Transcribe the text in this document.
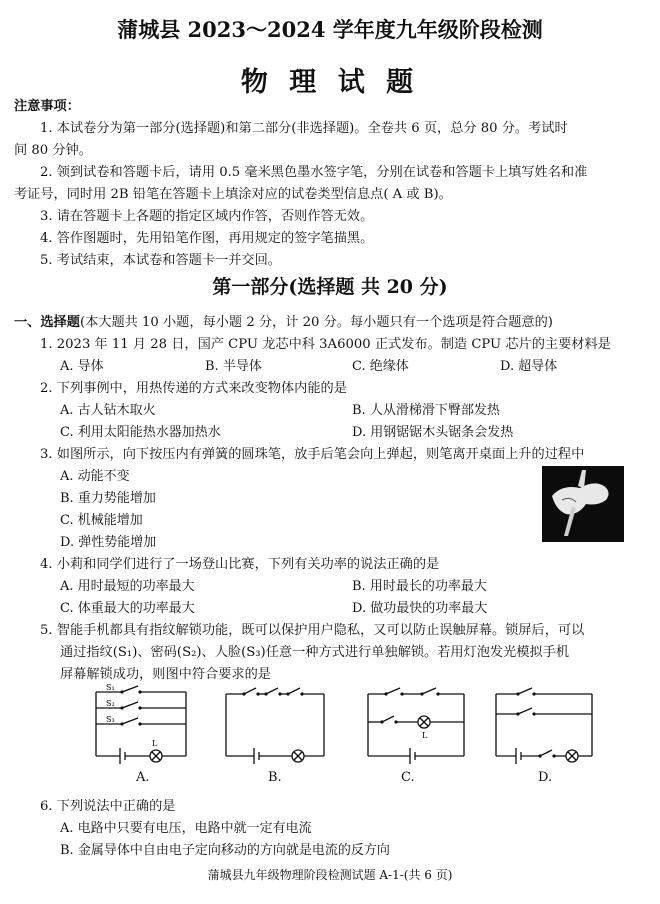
蒲城县 2023～2024 学年度九年级阶段检测
物 理 试 题
注意事项：
1. 本试卷分为第一部分(选择题)和第二部分(非选择题)。全卷共 6 页，总分 80 分。考试时
间 80 分钟。
2. 领到试卷和答题卡后，请用 0.5 毫米黑色墨水签字笔，分别在试卷和答题卡上填写姓名和准
考证号，同时用 2B 铅笔在答题卡上填涂对应的试卷类型信息点( A 或 B)。
3. 请在答题卡上各题的指定区域内作答，否则作答无效。
4. 答作图题时，先用铅笔作图，再用规定的签字笔描黑。
5. 考试结束，本试卷和答题卡一并交回。
第一部分(选择题 共 20 分)
一、选择题(本大题共 10 小题，每小题 2 分，计 20 分。每小题只有一个选项是符合题意的)
1. 2023 年 11 月 28 日，国产 CPU 龙芯中科 3A6000 正式发布。制造 CPU 芯片的主要材料是
A. 导体	B. 半导体	C. 绝缘体	D. 超导体
2. 下列事例中，用热传递的方式来改变物体内能的是
A. 古人钻木取火	B. 人从滑梯滑下臀部发热
C. 利用太阳能热水器加热水	D. 用钢锯锯木头锯条会发热
3. 如图所示，向下按压内有弹簧的圆珠笔，放手后笔会向上弹起，则笔离开桌面上升的过程中
A. 动能不变
B. 重力势能增加
C. 机械能增加
D. 弹性势能增加
4. 小莉和同学们进行了一场登山比赛，下列有关功率的说法正确的是
A. 用时最短的功率最大	B. 用时最长的功率最大
C. 体重最大的功率最大	D. 做功最快的功率最大
5. 智能手机都具有指纹解锁功能，既可以保护用户隐私，又可以防止误触屏幕。锁屏后，可以
通过指纹(S₁)、密码(S₂)、人脸(S₃)任意一种方式进行单独解锁。若用灯泡发光模拟手机
屏幕解锁成功，则图中符合要求的是
S₁
S₂
S₃
L
A.	B.
L
C.	D.
6. 下列说法中正确的是
A. 电路中只要有电压，电路中就一定有电流
B. 金属导体中自由电子定向移动的方向就是电流的反方向
蒲城县九年级物理阶段检测试题 A-1-(共 6 页)
